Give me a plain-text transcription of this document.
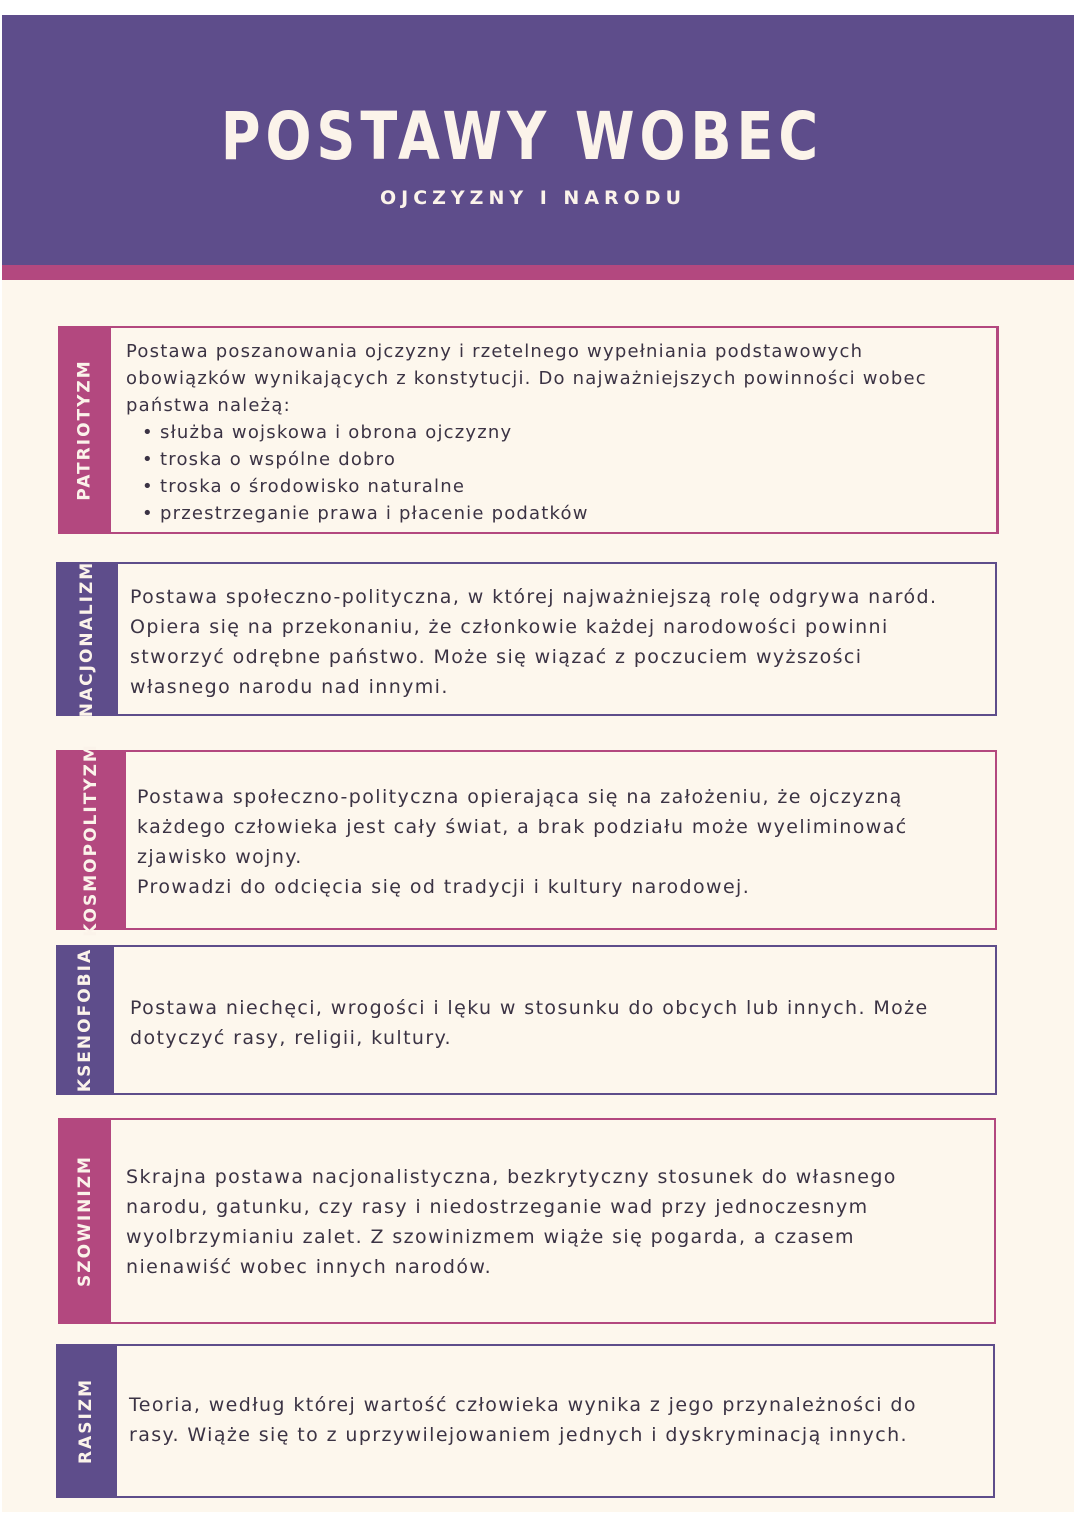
POSTAWY WOBEC
OJCZYZNY I NARODU
PATRIOTYZM
Postawa poszanowania ojczyzny i rzetelnego wypełniania podstawowych
obowiązków wynikających z konstytucji. Do najważniejszych powinności wobec
państwa należą:
• służba wojskowa i obrona ojczyzny
• troska o wspólne dobro
• troska o środowisko naturalne
• przestrzeganie prawa i płacenie podatków
NACJONALIZM Postawa społeczno-polityczna, w której najważniejszą rolę odgrywa naród.
Opiera się na przekonaniu, że członkowie każdej narodowości powinni
stworzyć odrębne państwo. Może się wiązać z poczuciem wyższości
własnego narodu nad innymi.
KOSMOPOLITYZM Postawa społeczno-polityczna opierająca się na założeniu, że ojczyzną
każdego człowieka jest cały świat, a brak podziału może wyeliminować
zjawisko wojny.
Prowadzi do odcięcia się od tradycji i kultury narodowej.
KSENOFOBIA Postawa niechęci, wrogości i lęku w stosunku do obcych lub innych. Może
dotyczyć rasy, religii, kultury.
SZOWINIZM Skrajna postawa nacjonalistyczna, bezkrytyczny stosunek do własnego
narodu, gatunku, czy rasy i niedostrzeganie wad przy jednoczesnym
wyolbrzymianiu zalet. Z szowinizmem wiąże się pogarda, a czasem
nienawiść wobec innych narodów.
RASIZM Teoria, według której wartość człowieka wynika z jego przynależności do
rasy. Wiąże się to z uprzywilejowaniem jednych i dyskryminacją innych.
